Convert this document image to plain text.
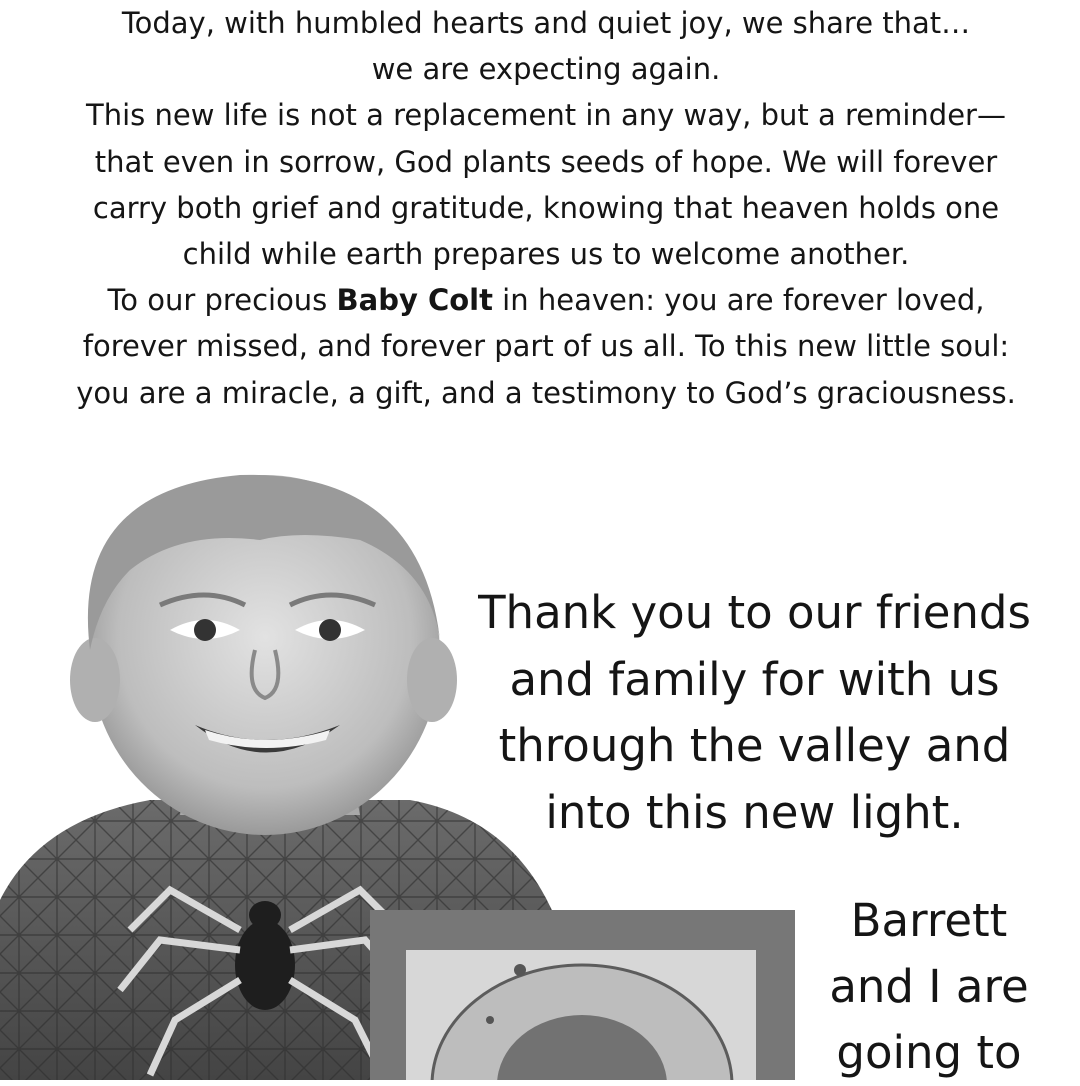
Today, with humbled hearts and quiet joy, we share that…

we are expecting again.

This new life is not a replacement in any way, but a reminder—that even in sorrow, God plants seeds of hope. We will forever carry both grief and gratitude, knowing that heaven holds one child while earth prepares us to welcome another.

To our precious Baby Colt in heaven: you are forever loved, forever missed, and forever part of us all. To this new little soul: you are a miracle, a gift, and a testimony to God’s graciousness.

Thank you to our friends and family for with us through the valley and into this new light.

Barrett and I are going to
